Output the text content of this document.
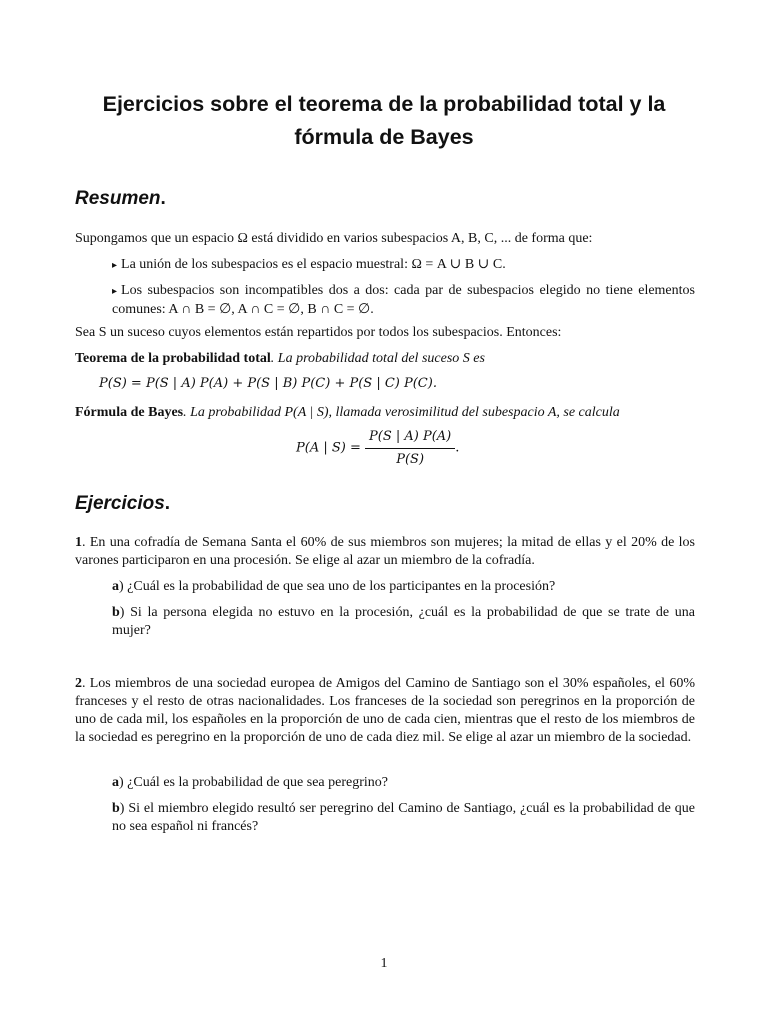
Ejercicios sobre el teorema de la probabilidad total y la fórmula de Bayes
Resumen.
Supongamos que un espacio Ω está dividido en varios subespacios A, B, C, ... de forma que:
▸ La unión de los subespacios es el espacio muestral: Ω = A ∪ B ∪ C.
▸ Los subespacios son incompatibles dos a dos: cada par de subespacios elegido no tiene elementos comunes: A ∩ B = ∅, A ∩ C = ∅, B ∩ C = ∅.
Sea S un suceso cuyos elementos están repartidos por todos los subespacios. Entonces:
Teorema de la probabilidad total. La probabilidad total del suceso S es
P(S) = P(S | A) P(A) + P(S | B) P(C) + P(S | C) P(C).
Fórmula de Bayes. La probabilidad P(A | S), llamada verosimilitud del subespacio A, se calcula
P(A | $S) = \frac{P(S | A) P(A)}{P(S)}$ .
Ejercicios.
1. En una cofradía de Semana Santa el 60% de sus miembros son mujeres; la mitad de ellas y el 20% de los varones participaron en una procesión. Se elige al azar un miembro de la cofradía.
a) ¿Cuál es la probabilidad de que sea uno de los participantes en la procesión?
b) Si la persona elegida no estuvo en la procesión, ¿cuál es la probabilidad de que se trate de una mujer?
2. Los miembros de una sociedad europea de Amigos del Camino de Santiago son el 30% españoles, el 60% franceses y el resto de otras nacionalidades. Los franceses de la sociedad son peregrinos en la proporción de uno de cada mil, los españoles en la proporción de uno de cada cien, mientras que el resto de los miembros de la sociedad es peregrino en la proporción de uno de cada diez mil. Se elige al azar un miembro de la sociedad.
a) ¿Cuál es la probabilidad de que sea peregrino?
b) Si el miembro elegido resultó ser peregrino del Camino de Santiago, ¿cuál es la probabilidad de que no sea español ni francés?
1
